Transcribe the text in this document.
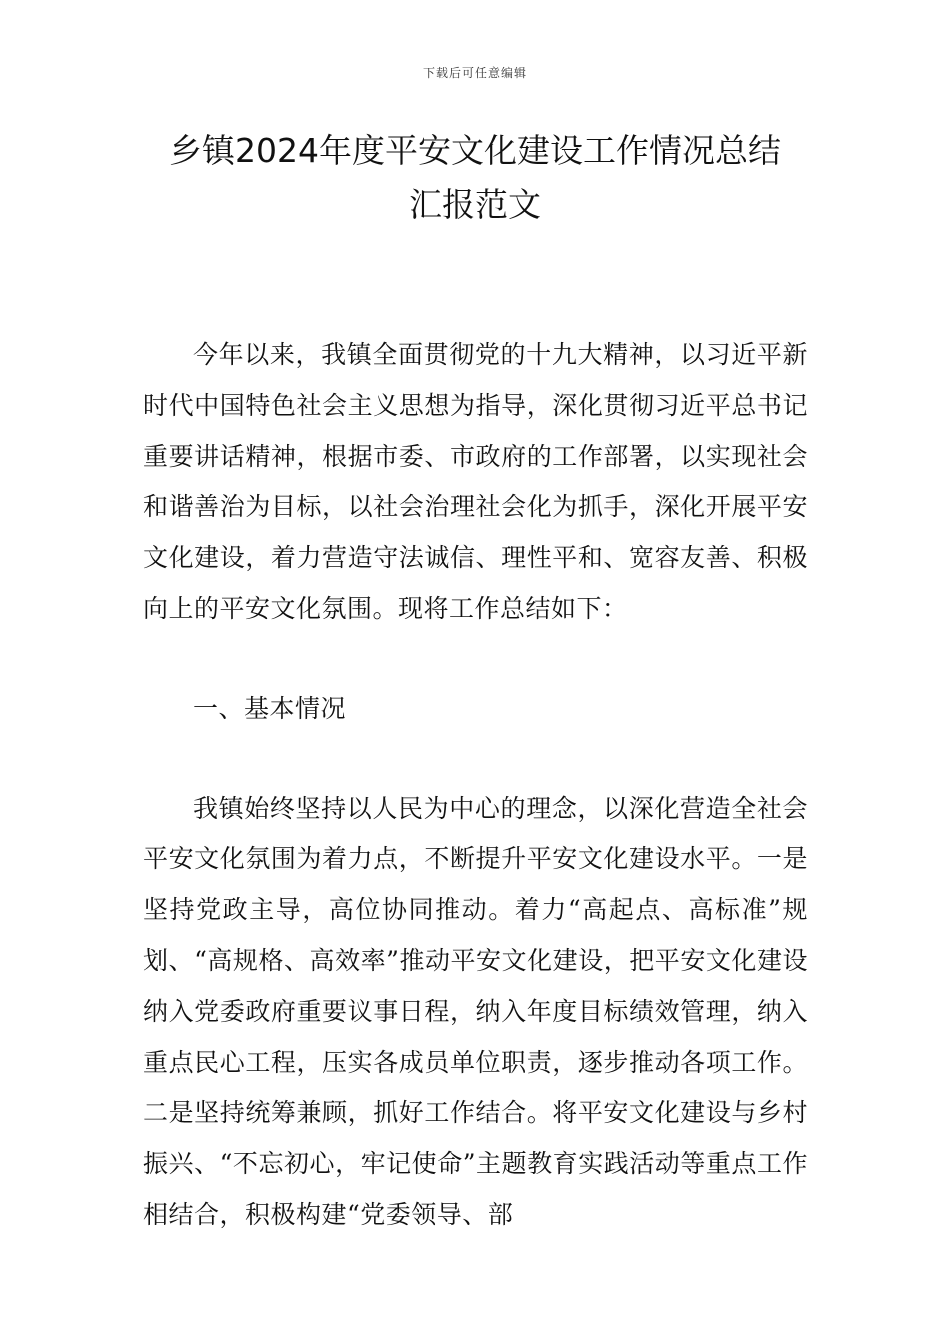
下载后可任意编辑
乡镇2024年度平安文化建设工作情况总结
汇报范文

今年以来，我镇全面贯彻党的十九大精神，以习近平新时代中国特色社会主义思想为指导，深化贯彻习近平总书记重要讲话精神，根据市委、市政府的工作部署，以实现社会和谐善治为目标，以社会治理社会化为抓手，深化开展平安文化建设，着力营造守法诚信、理性平和、宽容友善、积极向上的平安文化氛围。现将工作总结如下：

一、基本情况

我镇始终坚持以人民为中心的理念，以深化营造全社会平安文化氛围为着力点，不断提升平安文化建设水平。一是坚持党政主导，高位协同推动。着力“高起点、高标准”规划、“高规格、高效率”推动平安文化建设，把平安文化建设纳入党委政府重要议事日程，纳入年度目标绩效管理，纳入重点民心工程，压实各成员单位职责，逐步推动各项工作。二是坚持统筹兼顾，抓好工作结合。将平安文化建设与乡村振兴、“不忘初心，牢记使命”主题教育实践活动等重点工作相结合，积极构建“党委领导、部
